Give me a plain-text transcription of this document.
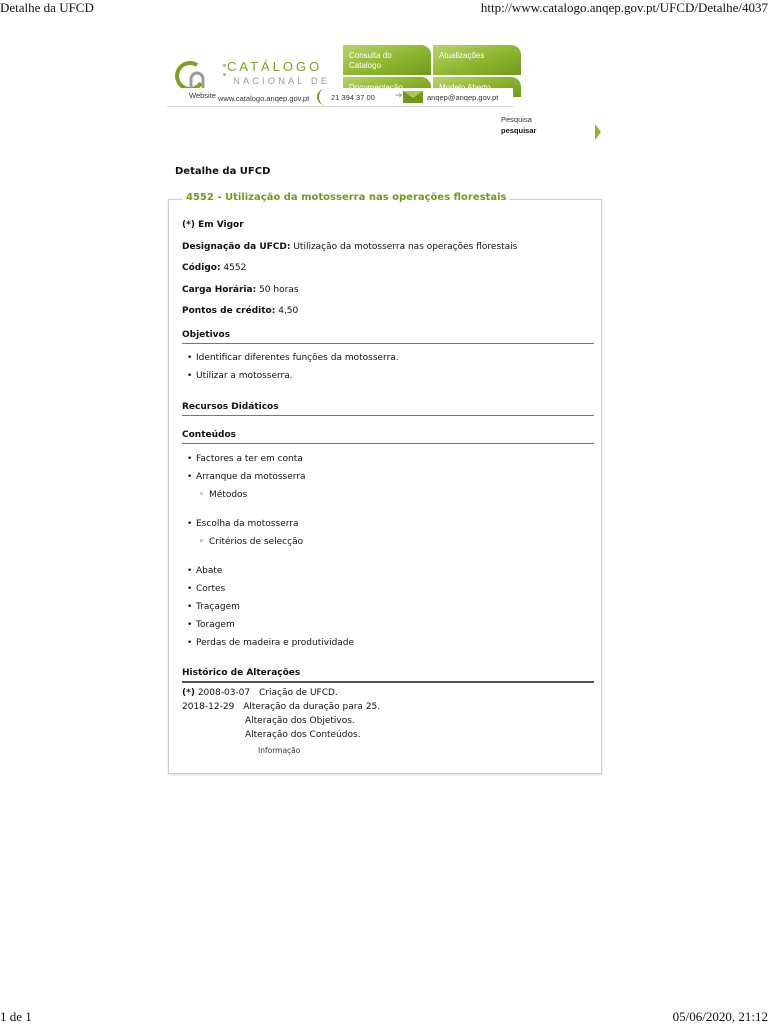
Detalhe da UFCD	http://www.catalogo.anqep.gov.pt/UFCD/Detalhe/4037
1 de 1	05/06/2020, 21:12
CATÁLOGO
NACIONAL DE
Consulta do Catalogo
Atualizações
Website www.catalogo.anqep.gov.pt	21 394 37 00 ➜	anqep@anqep.gov.pt
Pesquisa
pesquisar
Detalhe da UFCD
4552 - Utilização da motosserra nas operações florestais
(*) Em Vigor
Designação da UFCD: Utilização da motosserra nas operações florestais
Código: 4552
Carga Horária: 50 horas
Pontos de crédito: 4,50
Objetivos
• Identificar diferentes funções da motosserra.
• Utilizar a motosserra.
Recursos Didáticos
Conteúdos
• Factores a ter em conta
• Arranque da motosserra
◦ Métodos
• Escolha da motosserra
◦ Critérios de selecção
• Abate
• Cortes
• Traçagem
• Toragem
• Perdas de madeira e produtividade
Histórico de Alterações
(*) 2008-03-07 Criação de UFCD.
2018-12-29 Alteração da duração para 25.
Alteração dos Objetivos.
Alteração dos Conteúdos.
Informação
